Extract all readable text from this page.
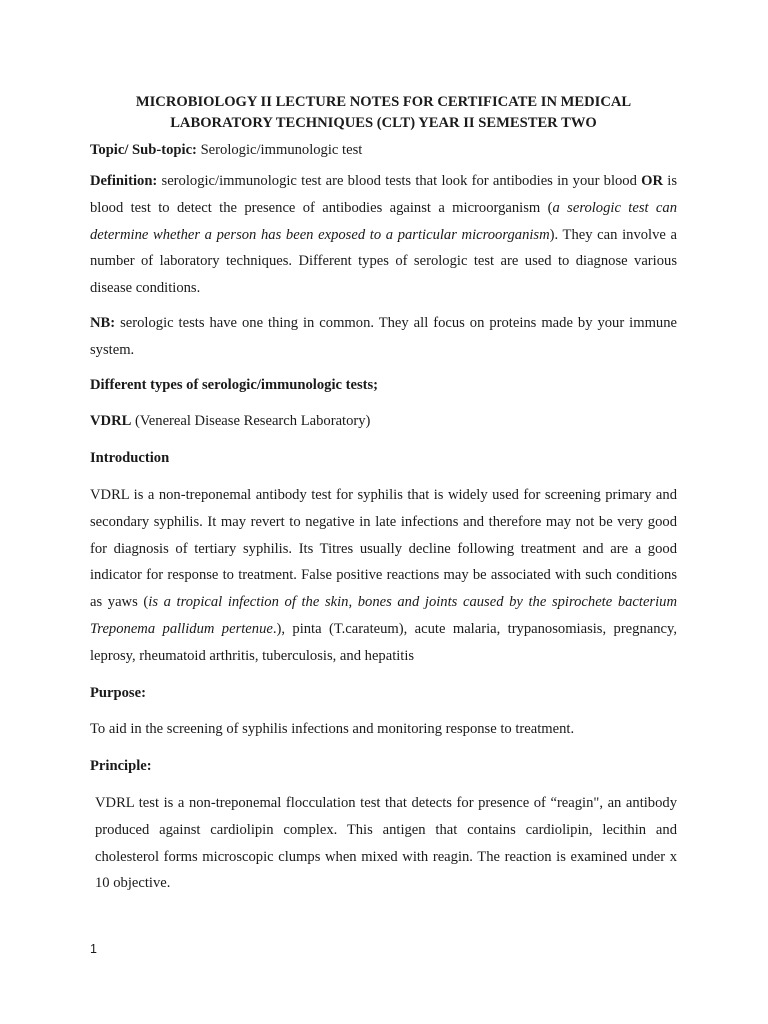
MICROBIOLOGY II LECTURE NOTES FOR CERTIFICATE IN MEDICAL
LABORATORY TECHNIQUES (CLT) YEAR II SEMESTER TWO
Topic/ Sub-topic: Serologic/immunologic test
Definition: serologic/immunologic test are blood tests that look for antibodies in your blood OR is blood test to detect the presence of antibodies against a microorganism (a serologic test can determine whether a person has been exposed to a particular microorganism). They can involve a number of laboratory techniques. Different types of serologic test are used to diagnose various disease conditions.
NB: serologic tests have one thing in common. They all focus on proteins made by your immune system.
Different types of serologic/immunologic tests;
VDRL (Venereal Disease Research Laboratory)
Introduction
VDRL is a non-treponemal antibody test for syphilis that is widely used for screening primary and secondary syphilis. It may revert to negative in late infections and therefore may not be very good for diagnosis of tertiary syphilis. Its Titres usually decline following treatment and are a good indicator for response to treatment. False positive reactions may be associated with such conditions as yaws (is a tropical infection of the skin, bones and joints caused by the spirochete bacterium Treponema pallidum pertenue.), pinta (T.carateum), acute malaria, trypanosomiasis, pregnancy, leprosy, rheumatoid arthritis, tuberculosis, and hepatitis
Purpose:
To aid in the screening of syphilis infections and monitoring response to treatment.
Principle:
VDRL test is a non-treponemal flocculation test that detects for presence of “reagin", an antibody produced against cardiolipin complex. This antigen that contains cardiolipin, lecithin and cholesterol forms microscopic clumps when mixed with reagin. The reaction is examined under x 10 objective.
1
